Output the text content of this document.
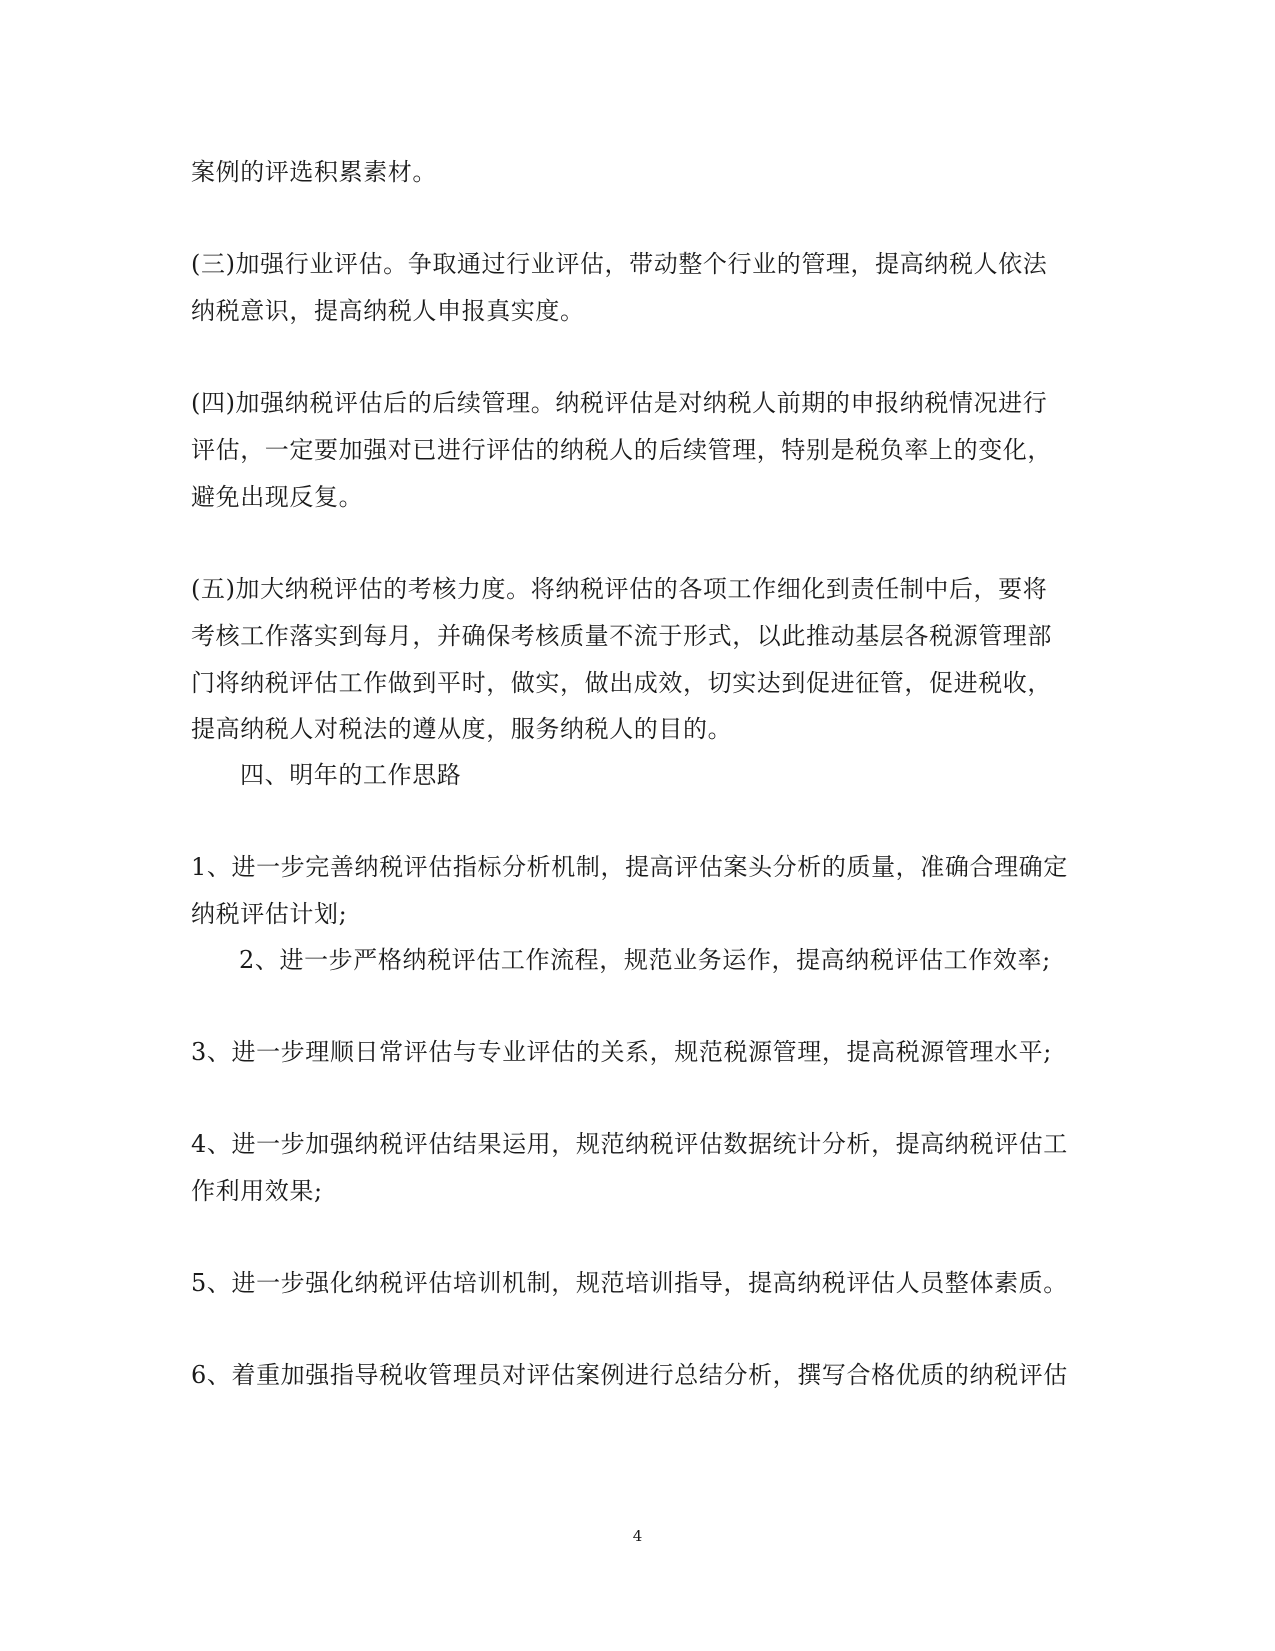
案例的评选积累素材。
(三)加强行业评估。争取通过行业评估，带动整个行业的管理，提高纳税人依法
纳税意识，提高纳税人申报真实度。
(四)加强纳税评估后的后续管理。纳税评估是对纳税人前期的申报纳税情况进行
评估，一定要加强对已进行评估的纳税人的后续管理，特别是税负率上的变化，
避免出现反复。
(五)加大纳税评估的考核力度。将纳税评估的各项工作细化到责任制中后，要将
考核工作落实到每月，并确保考核质量不流于形式，以此推动基层各税源管理部
门将纳税评估工作做到平时，做实，做出成效，切实达到促进征管，促进税收，
提高纳税人对税法的遵从度，服务纳税人的目的。
四、明年的工作思路
1、进一步完善纳税评估指标分析机制，提高评估案头分析的质量，准确合理确定
纳税评估计划;
2、进一步严格纳税评估工作流程，规范业务运作，提高纳税评估工作效率;
3、进一步理顺日常评估与专业评估的关系，规范税源管理，提高税源管理水平;
4、进一步加强纳税评估结果运用，规范纳税评估数据统计分析，提高纳税评估工
作利用效果;
5、进一步强化纳税评估培训机制，规范培训指导，提高纳税评估人员整体素质。
6、着重加强指导税收管理员对评估案例进行总结分析，撰写合格优质的纳税评估
4
